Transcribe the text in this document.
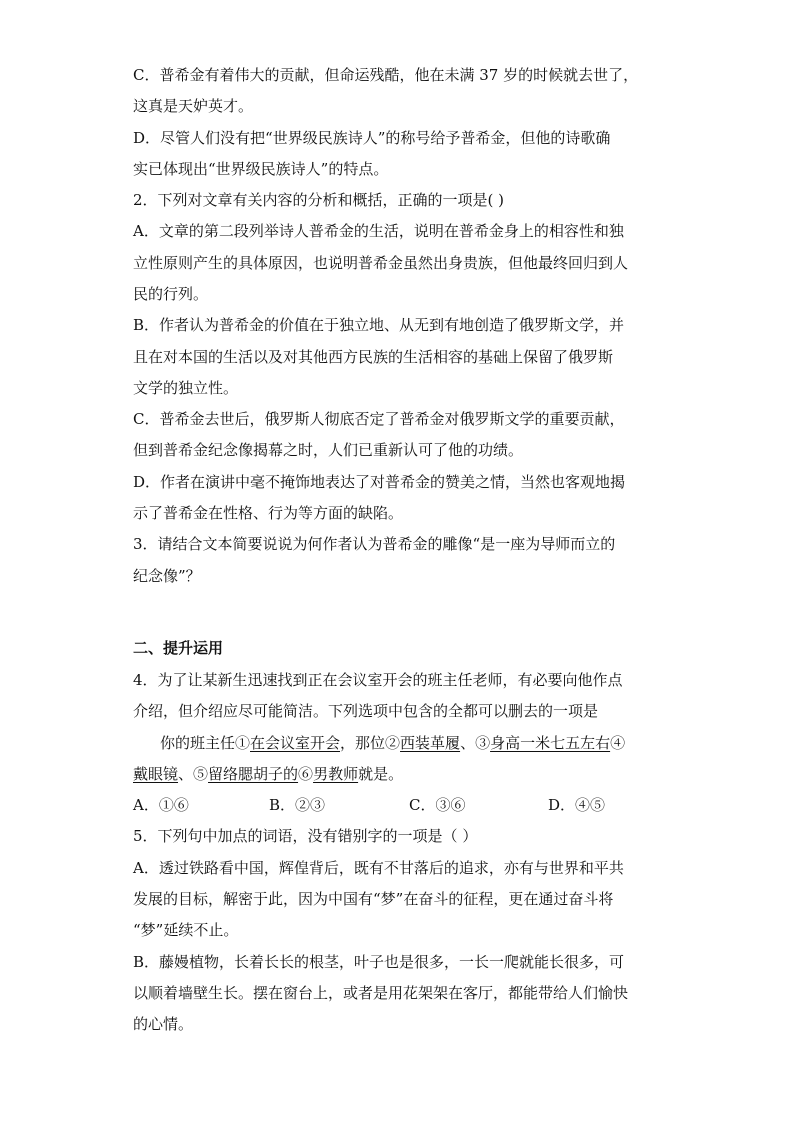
C．普希金有着伟大的贡献，但命运残酷，他在未满 37 岁的时候就去世了，
这真是天妒英才。
D．尽管人们没有把“世界级民族诗人”的称号给予普希金，但他的诗歌确
实已体现出“世界级民族诗人”的特点。
2．下列对文章有关内容的分析和概括，正确的一项是( )
A．文章的第二段列举诗人普希金的生活，说明在普希金身上的相容性和独
立性原则产生的具体原因，也说明普希金虽然出身贵族，但他最终回归到人
民的行列。
B．作者认为普希金的价值在于独立地、从无到有地创造了俄罗斯文学，并
且在对本国的生活以及对其他西方民族的生活相容的基础上保留了俄罗斯
文学的独立性。
C．普希金去世后，俄罗斯人彻底否定了普希金对俄罗斯文学的重要贡献，
但到普希金纪念像揭幕之时，人们已重新认可了他的功绩。
D．作者在演讲中毫不掩饰地表达了对普希金的赞美之情，当然也客观地揭
示了普希金在性格、行为等方面的缺陷。
3．请结合文本简要说说为何作者认为普希金的雕像“是一座为导师而立的
纪念像”？
二、提升运用
4．为了让某新生迅速找到正在会议室开会的班主任老师，有必要向他作点
介绍，但介绍应尽可能简洁。下列选项中包含的全都可以删去的一项是
你的班主任①在会议室开会，那位②西装革履、③身高一米七五左右④
戴眼镜、⑤留络腮胡子的⑥男教师就是。
A．①⑥	B．②③	C．③⑥	D．④⑤
5．下列句中加点的词语，没有错别字的一项是（ ）
A．透过铁路看中国，辉偟背后，既有不甘落后的追求，亦有与世界和平共
发展的目标，解密于此，因为中国有“梦”在奋斗的征程，更在通过奋斗将
“梦”延续不止。
B．藤嫚植物，长着长长的根茎，叶子也是很多，一长一爬就能长很多，可
以顺着墙壁生长。摆在窗台上，或者是用花架架在客厅，都能带给人们愉快
的心情。
